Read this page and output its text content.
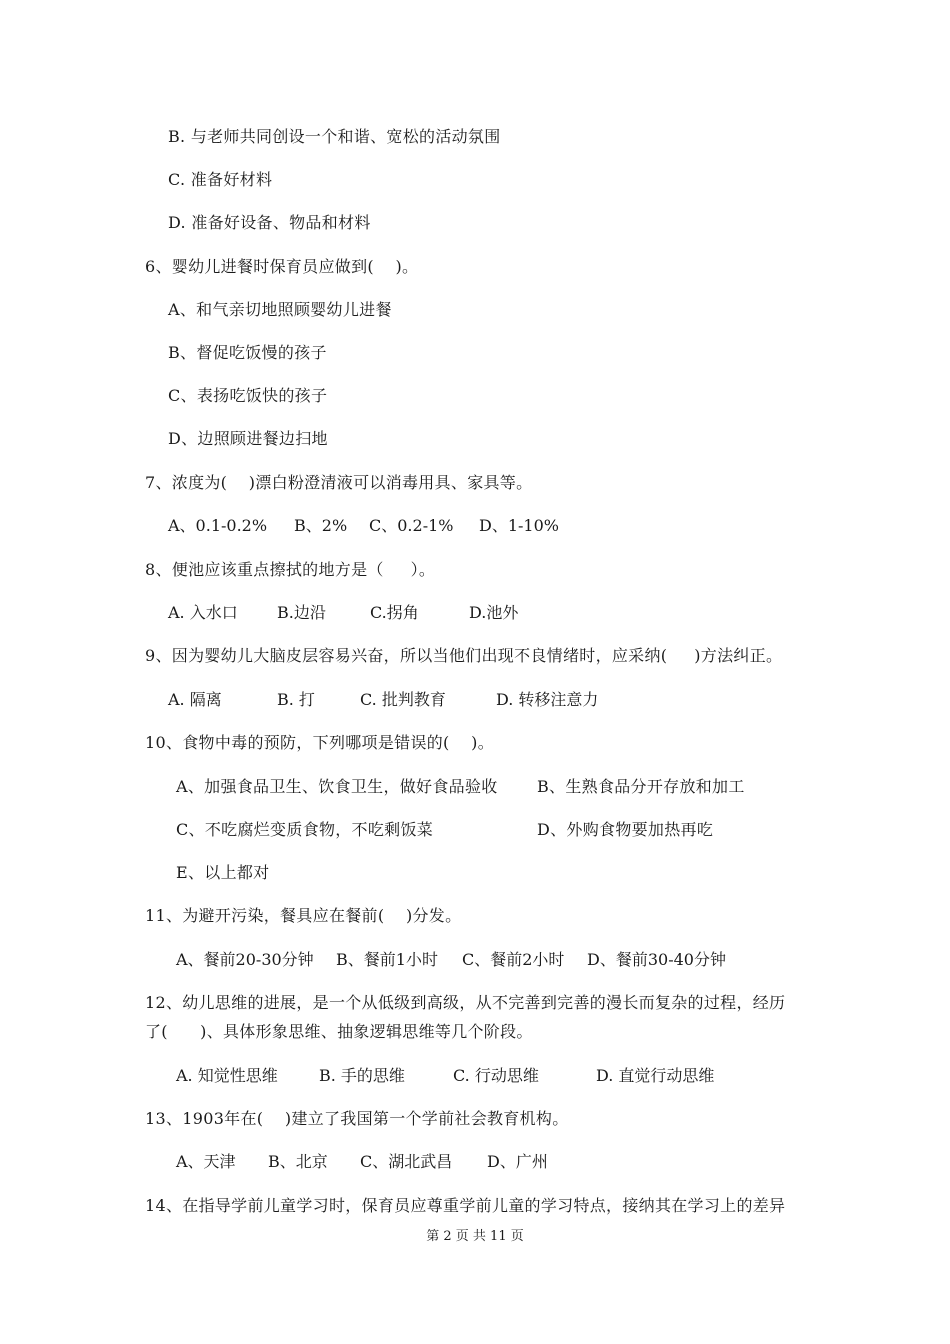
B. 与老师共同创设一个和谐、宽松的活动氛围
C. 准备好材料
D. 准备好设备、物品和材料
6、婴幼儿进餐时保育员应做到(    )。
A、和气亲切地照顾婴幼儿进餐
B、督促吃饭慢的孩子
C、表扬吃饭快的孩子
D、边照顾进餐边扫地
7、浓度为(    )漂白粉澄清液可以消毒用具、家具等。

A、0.1-0.2%

B、2%

C、0.2-1%

D、1-10%

8、便池应该重点擦拭的地方是（     ）。

A. 入水口

B.边沿

	C.拐角

	D.池外

9、因为婴幼儿大脑皮层容易兴奋，所以当他们出现不良情绪时，应采纳(     )方法纠正。

A. 隔离

	B. 打

	C. 批判教育

	D. 转移注意力

10、食物中毒的预防，下列哪项是错误的(    )。
A、加强食品卫生、饮食卫生，做好食品验收 B、生熟食品分开存放和加工
C、不吃腐烂变质食物，不吃剩饭菜	D、外购食物要加热再吃
E、以上都对
11、为避开污染，餐具应在餐前(    )分发。

A、餐前20-30分钟

B、餐前1小时

C、餐前2小时

D、餐前30-40分钟

12、幼儿思维的进展，是一个从低级到高级，从不完善到完善的漫长而复杂的过程，经历
了(      )、具体形象思维、抽象逻辑思维等几个阶段。

A. 知觉性思维

	B. 手的思维

	C. 行动思维

	D. 直觉行动思维

13、1903年在(    )建立了我国第一个学前社会教育机构。

A、天津

B、北京

C、湖北武昌

D、广州

14、在指导学前儿童学习时，保育员应尊重学前儿童的学习特点，接纳其在学习上的差异
第 2 页 共 11 页
